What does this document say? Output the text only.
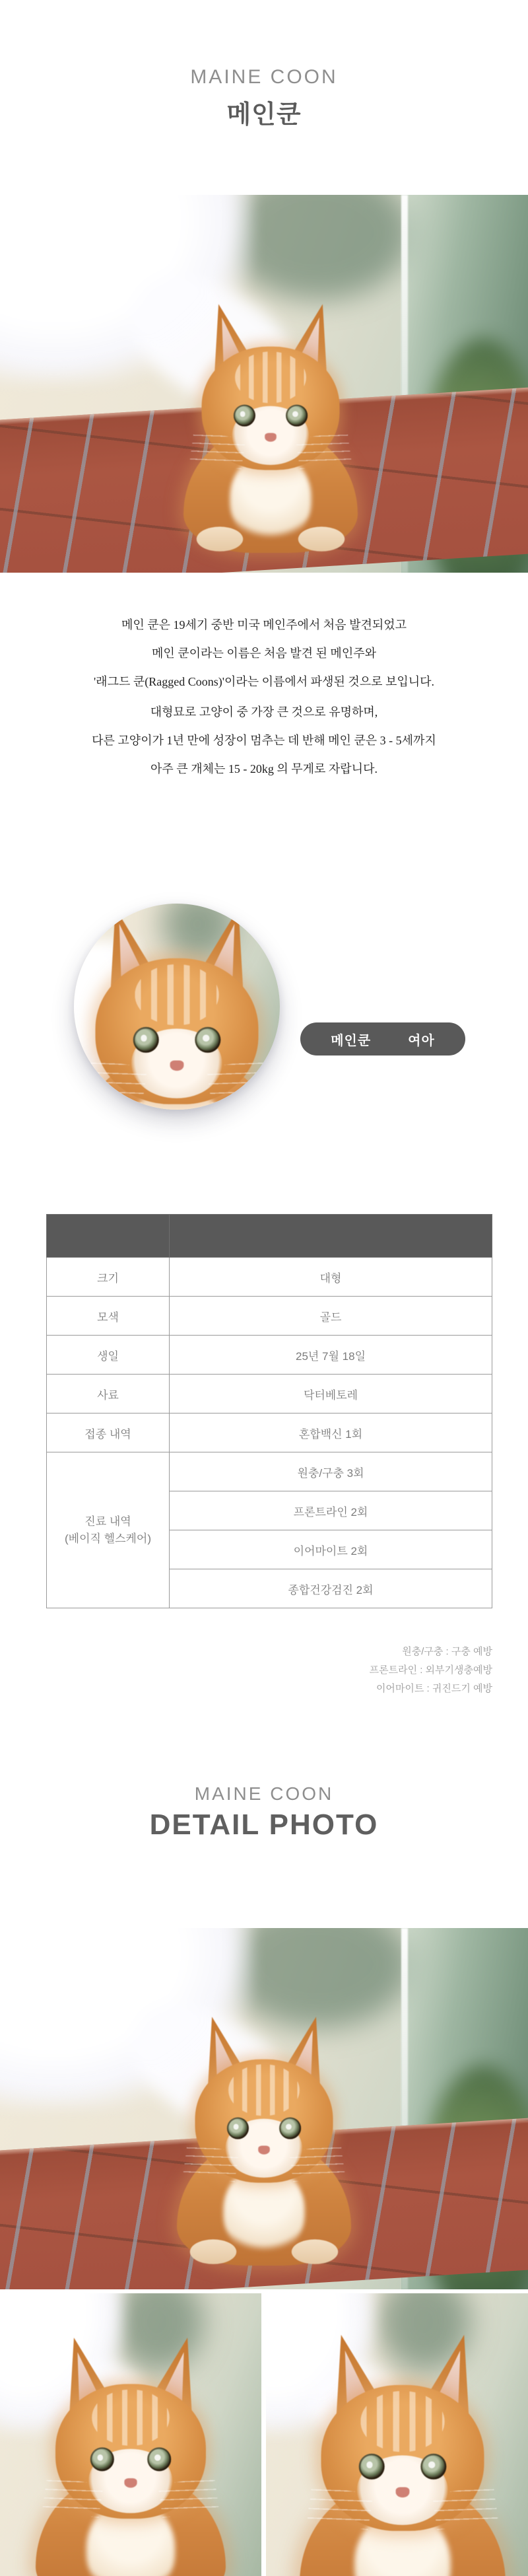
MAINE COON
메인쿤
메인 쿤은 19세기 중반 미국 메인주에서 처음 발견되었고
메인 쿤이라는 이름은 처음 발견 된 메인주와
'래그드 쿤(Ragged Coons)'이라는 이름에서 파생된 것으로 보입니다.
대형묘로 고양이 중 가장 큰 것으로 유명하며,
다른 고양이가 1년 만에 성장이 멈추는 데 반해 메인 쿤은 3 - 5세까지
아주 큰 개체는 15 - 20kg 의 무게로 자랍니다.
메인쿤	여아

크기	대형
모색	골드
생일	25년 7월 18일
사료	닥터베토레
접종 내역	혼합백신 1회
진료 내역
(베이직 헬스케어)	원충/구충 3회
	프론트라인 2회
	이어마이트 2회
	종합건강검진 2회
원충/구충 : 구충 예방
프론트라인 : 외부기생충예방
이어마이트 : 귀진드기 예방
MAINE COON
DETAIL PHOTO
